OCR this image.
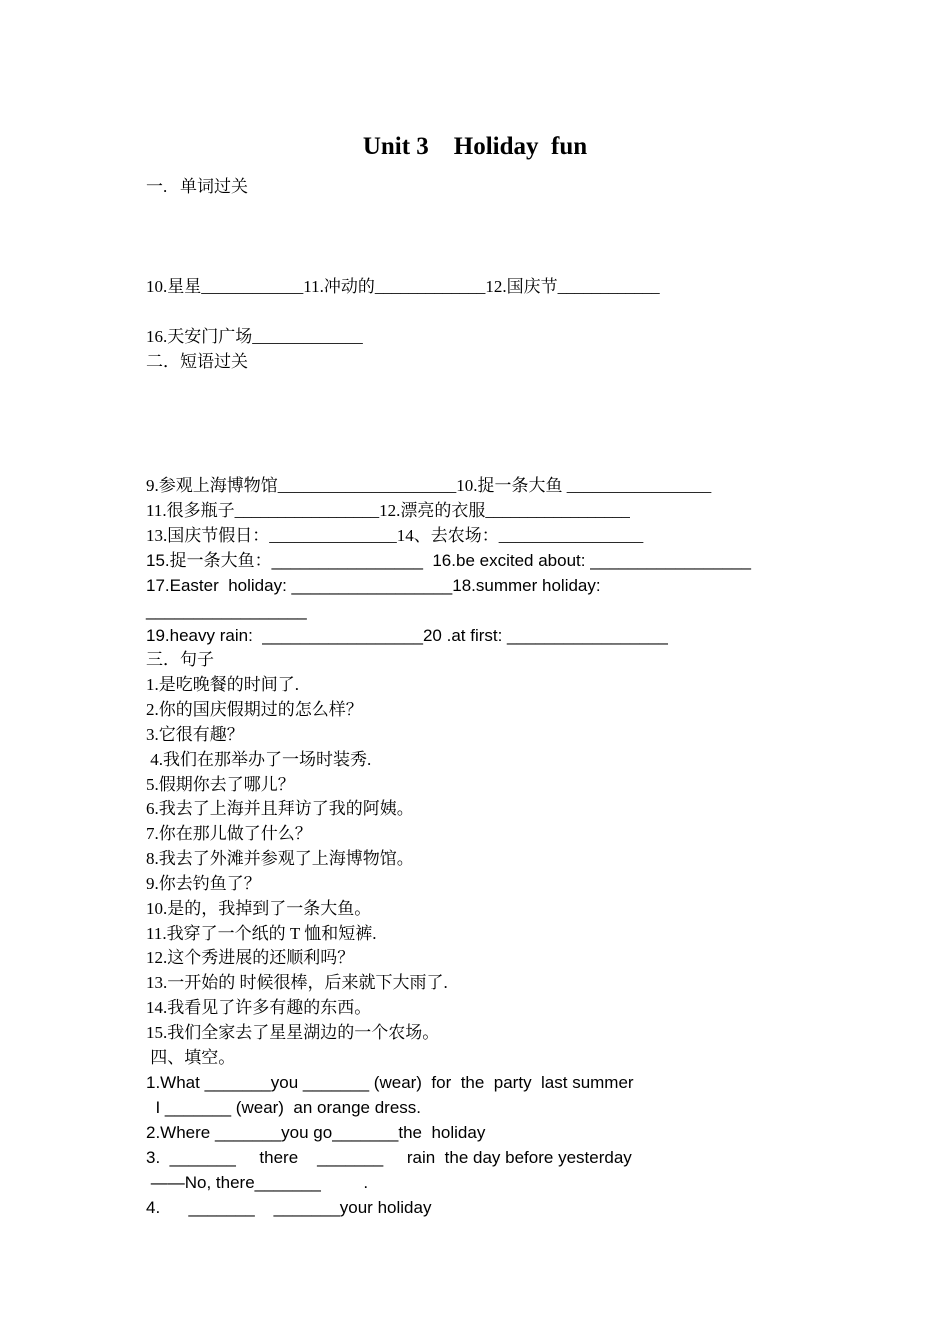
Unit 3    Holiday  fun
一.   单词过关
10.星星____________11.冲动的_____________12.国庆节____________
16.天安门广场_____________
二．短语过关
9.参观上海博物馆_____________________10.捉一条大鱼 _________________
11.很多瓶子_________________12.漂亮的衣服_________________
13.国庆节假日：_______________14、去农场：_________________
15.捉一条大鱼：________________  16.be excited about: _________________
17.Easter  holiday: _________________18.summer holiday:
_________________
19.heavy rain:  _________________20 .at first: _________________
三．句子
1.是吃晚餐的时间了.
2.你的国庆假期过的怎么样？
3.它很有趣？
4.我们在那举办了一场时装秀.
5.假期你去了哪儿？
6.我去了上海并且拜访了我的阿姨。
7.你在那儿做了什么？
8.我去了外滩并参观了上海博物馆。
9.你去钓鱼了？
10.是的，我掉到了一条大鱼。
11.我穿了一个纸的 T 恤和短裤.
12.这个秀进展的还顺利吗？
13.一开始的 时候很棒，后来就下大雨了.
14.我看见了许多有趣的东西。
15.我们全家去了星星湖边的一个农场。
四、填空。
1.What _______you _______ (wear)  for  the  party  last summer
I _______ (wear)  an orange dress.
2.Where _______you go_______the  holiday
3.  _______     there    _______     rain  the day before yesterday
——No, there_______         .
4.      _______    _______your holiday
